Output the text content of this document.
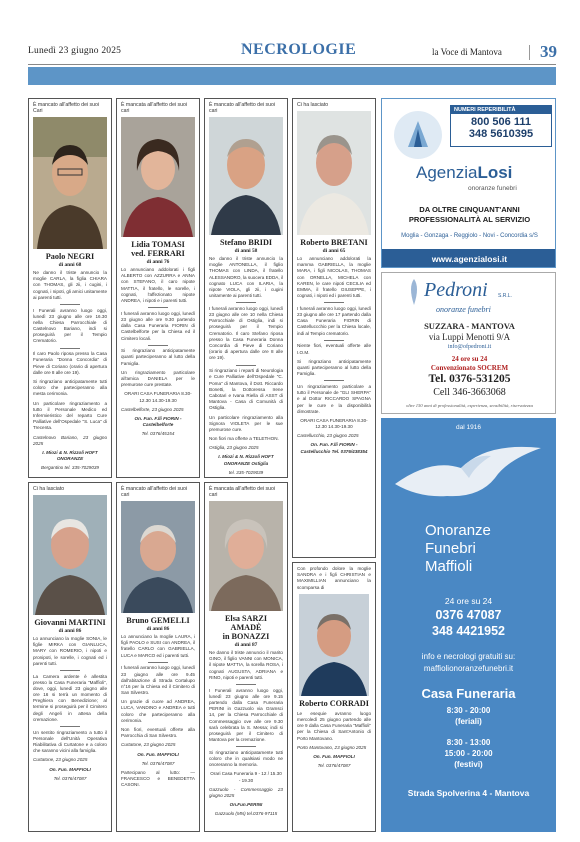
Lunedì 23 giugno 2025	NECROLOGIE	la Voce di Mantova 39
È mancato all'affetto dei suoi Cari
Paolo NEGRI
di anni 68
Ne danno il triste annuncio la moglie CARLA, la figlia CHIARA con THOMAS, gli zii, i cugini, i cognati, i nipoti, gli amici unitamente ai parenti tutti.
I Funerali avranno luogo oggi, lunedì 23 giugno alle ore 16.30 nella Chiesa Parrocchiale di Castelnovo Bariano, indi si proseguirà per il Tempio Crematorio.
Il caro Paolo riposa presso la Casa Funeraria "Donna Concordia" di Pieve di Coriano (orario di apertura dalle ore 8 alle ore 19).
Si ringraziano anticipatamente tutti coloro che parteciperanno alla mesta cerimonia.
Un particolare ringraziamento a tutto il Personale Medico ed Infermieristico del reparto Cure Palliative dell'Ospedale "S. Luca" di Trecenta.
Castelnovo Bariano, 23 giugno 2025
I. Miozi & N. Rizzoli HOFT ONORANZE
Bergantino tel. 335-7029039
È mancata all'affetto dei suoi cari
Lidia TOMASI
ved. FERRARI
di anni 76
Lo annunciano addolorati i figli ALBERTO con AZZURRA e ANNA con STEFANO, il caro nipote MATTIA, il fratello, le sorelle, i cognati, l'affezionato nipote ANDREA, i nipoti e i parenti tutti.
I funerali avranno luogo oggi, lunedì 23 giugno alle ore 9.30 partendo dalla Casa Funeraria FIORIN di Castelbelforte per la Chiesa ed il Cimitero locali.
Si ringraziano anticipatamente quanti parteciperanno al lutto della Famiglia.
Un ringraziamento particolare all'amica DANIELA per le premurose cure prestate.
ORARI CASA FUNERARIA 8.30-12.30 14.30-19.30
Castelbelforte, 23 giugno 2025
On. Fun. F.lli FIORIN - Castelbelforte
Tel. 0376/45154
È mancato all'affetto dei suoi cari
Stefano BRIDI
di anni 58
Ne danno il triste annuncio la moglie ANTONELLA, il figlio THOMAS con LINDA, il fratello ALESSANDRO, la suocera EDDA, il cognato LUCA con ILARIA, la nipote VIOLA, gli zii, i cugini unitamente ai parenti tutti.
I funerali avranno luogo oggi, lunedì 23 giugno alle ore 10 nella Chiesa Parrocchiale di Ostiglia, indi si proseguirà per il Tempio Crematorio. Il caro Stefano riposa presso la Casa Funeraria Donna Concordia di Pieve di Coriano (orario di apertura dalle ore 8 alle ore 19).
Si ringraziano i reparti di Neurologia e Cure Palliative dell'Ospedale "C. Poma" di Mantova, il Dott. Riccardo Bonetti, la Dottoressa Irene Cabotari e Ivana Riella di ASST di Mantova - Casa di Comunità di Ostiglia.
Un particolare ringraziamento alla Signora VIOLETA per le sue premurose cure.
Non fiori ma offerte a TELETHON.
Ostiglia, 23 giugno 2025
I. Miozi & N. Rizzoli HOFT ONORANZE Ostiglia
tel. 335-7029039
Ci ha lasciato
Roberto BRETANI
di anni 65
Lo annunciano addolorati la mamma GABRIELLA, la moglie MARA, i figli NICOLAS, THOMAS con ORNELLA, MICHELA con KAREN, le care nipoti CECILIA ed EMMA, il fratello GIUSEPPE, i cognati, i nipoti ed i parenti tutti.
I funerali avranno luogo oggi, lunedì 23 giugno alle ore 17 partendo dalla Casa Funeraria FIORIN di Castelluccchio per la Chiesa locale, indi al Tempio crematorio.
Niente fiori, eventuali offerte alle I.O.M.
Si ringraziano anticipatamente quanti parteciperanno al lutto della Famiglia.
Un ringraziamento particolare a tutto il Personale de "GLI SHERPA" e al Dottor RICCARDO SPAGNA per le cure e la disponibilità dimostrate.
ORARI CASA FUNERARIA 8.30-12.30 14.30-19.30
Castellucchio, 23 giugno 2025
On. Fun. F.lli FIORIN - Castellucchio Tel. 0376/438354
Ci ha lasciato
Giovanni MARTINI
di anni 86
Lo annunciano la moglie SONIA, le figlie MIRKA con GIANLUCA, MARY con ROMERIO, i nipoti e pronipoti, le sorelle, i cognati ed i parenti tutti.
La Camera ardente è allestita presso la Casa Funeraria "Maffioli", dove, oggi, lunedì 23 giugno alle ore 16 si terrà un momento di Preghiera con Benedizione; al termine si proseguirà per il Cimitero degli Angeli in attesa della cremazione.
Un sentito ringraziamento a tutto il Personale dell'Unità Operativa Riabilitativa di Curtatone e a coloro che saranno vicini alla famiglia.
Curtatone, 23 giugno 2025
On. Fun. MAFFIOLI
Tel. 0376/47087
È mancato all'affetto dei suoi cari
Bruno GEMELLI
di anni 86
Lo annunciano la moglie LAURA, i figli PAOLO e SUSI con ANDREA, il fratello CARLO con GABRIELLA, LUCA e MARCO ed i parenti tutti.
I funerali avranno luogo oggi, lunedì 23 giugno alle ore 9.45 dall'abitazione di Strada Cortalupo n°16 per la Chiesa ed il Cimitero di San Silvestro.
Un grazie di cuore ad ANDREA, LUCA, VANDINO e ANDREA e tutti coloro che parteciperanno alla cerimonia.
Non fiori, eventuali offerte alla Parrocchia di San Silvestro.
Curtatone, 23 giugno 2025
On. Fun. MAFFIOLI
Tel. 0376/47087
Partecipano al lutto: — FRANCESCO e BENEDETTA CASONI.
È mancata all'affetto dei suoi cari
Elsa SARZI AMADÈ
in BONAZZI
di anni 87
Ne danno il triste annuncio il marito GINO, il figlio VANNI con MONICA, il nipote MATTIA, la sorella ROSA, i cognati AUGUSTA, ADRIANA e RINO, nipoti e parenti tutti.
I Funerali avranno luogo oggi, lunedì 23 giugno alle ore 9.15 partendo dalla Casa Funeraria PERINI in Gazzuolo via Gramsci 14, per la Chiesa Parrocchiale di Commessaggio ove alle ore 9.30 sarà celebrata la S. Messa; indi si proseguirà per il Cimitero di Mantova per la cremazione.
Si ringraziano anticipatamente tutti coloro che in qualsiasi modo ne onoreranno la memoria.
Orari Casa Funeraria 9 - 12 / 15.30 - 19.30
Gazzuolo - Commessaggio 23 giugno 2025
On.Fun.PERINI
Gazzuolo (MN) tel.0376-97115
Con profondo dolore la moglie SANDRA e i figli CHRISTIAN e MAXIMILLIAN annunciano la scomparsa di
Roberto CORRADI
Le esequie avranno luogo mercoledì 25 giugno partendo alle ore 9 dalla Casa Funeraria "Maffioli" per la Chiesa di Sant'Antonio di Porto Mantovano.
Porto Mantovano, 23 giugno 2025
On. Fun. MAFFIOLI
Tel. 0376/47087
NUMERI REPERIBILITÀ
800 506 111
348 5610395
AgenziaLosi
onoranze funebri
DA OLTRE CINQUANT'ANNI
PROFESSIONALITÀ AL SERVIZIO
Moglia - Gonzaga - Reggiolo - Novi - Concordia s/S
www.agenzialosi.it
Pedroni S.R.L.
onoranze funebri
SUZZARA - MANTOVA
via Luppi Menotti 9/A
info@ofpedroni.it
24 ore su 24
Convenzionato SOCREM
Tel. 0376-531205
Cell 346-3663068
oltre 150 anni di professionalità, esperienza, sensibilità, riservatezza
dal 1916
Onoranze
Funebri
Maffioli
24 ore su 24
0376 47087
348 4421952
info e necrologi gratuiti su:
maffiolionoranzefunebri.it
Casa Funeraria
8:30 - 20:00
(feriali)
8:30 - 13:00
15:00 - 20:00
(festivi)
Strada Spolverina 4 - Mantova
